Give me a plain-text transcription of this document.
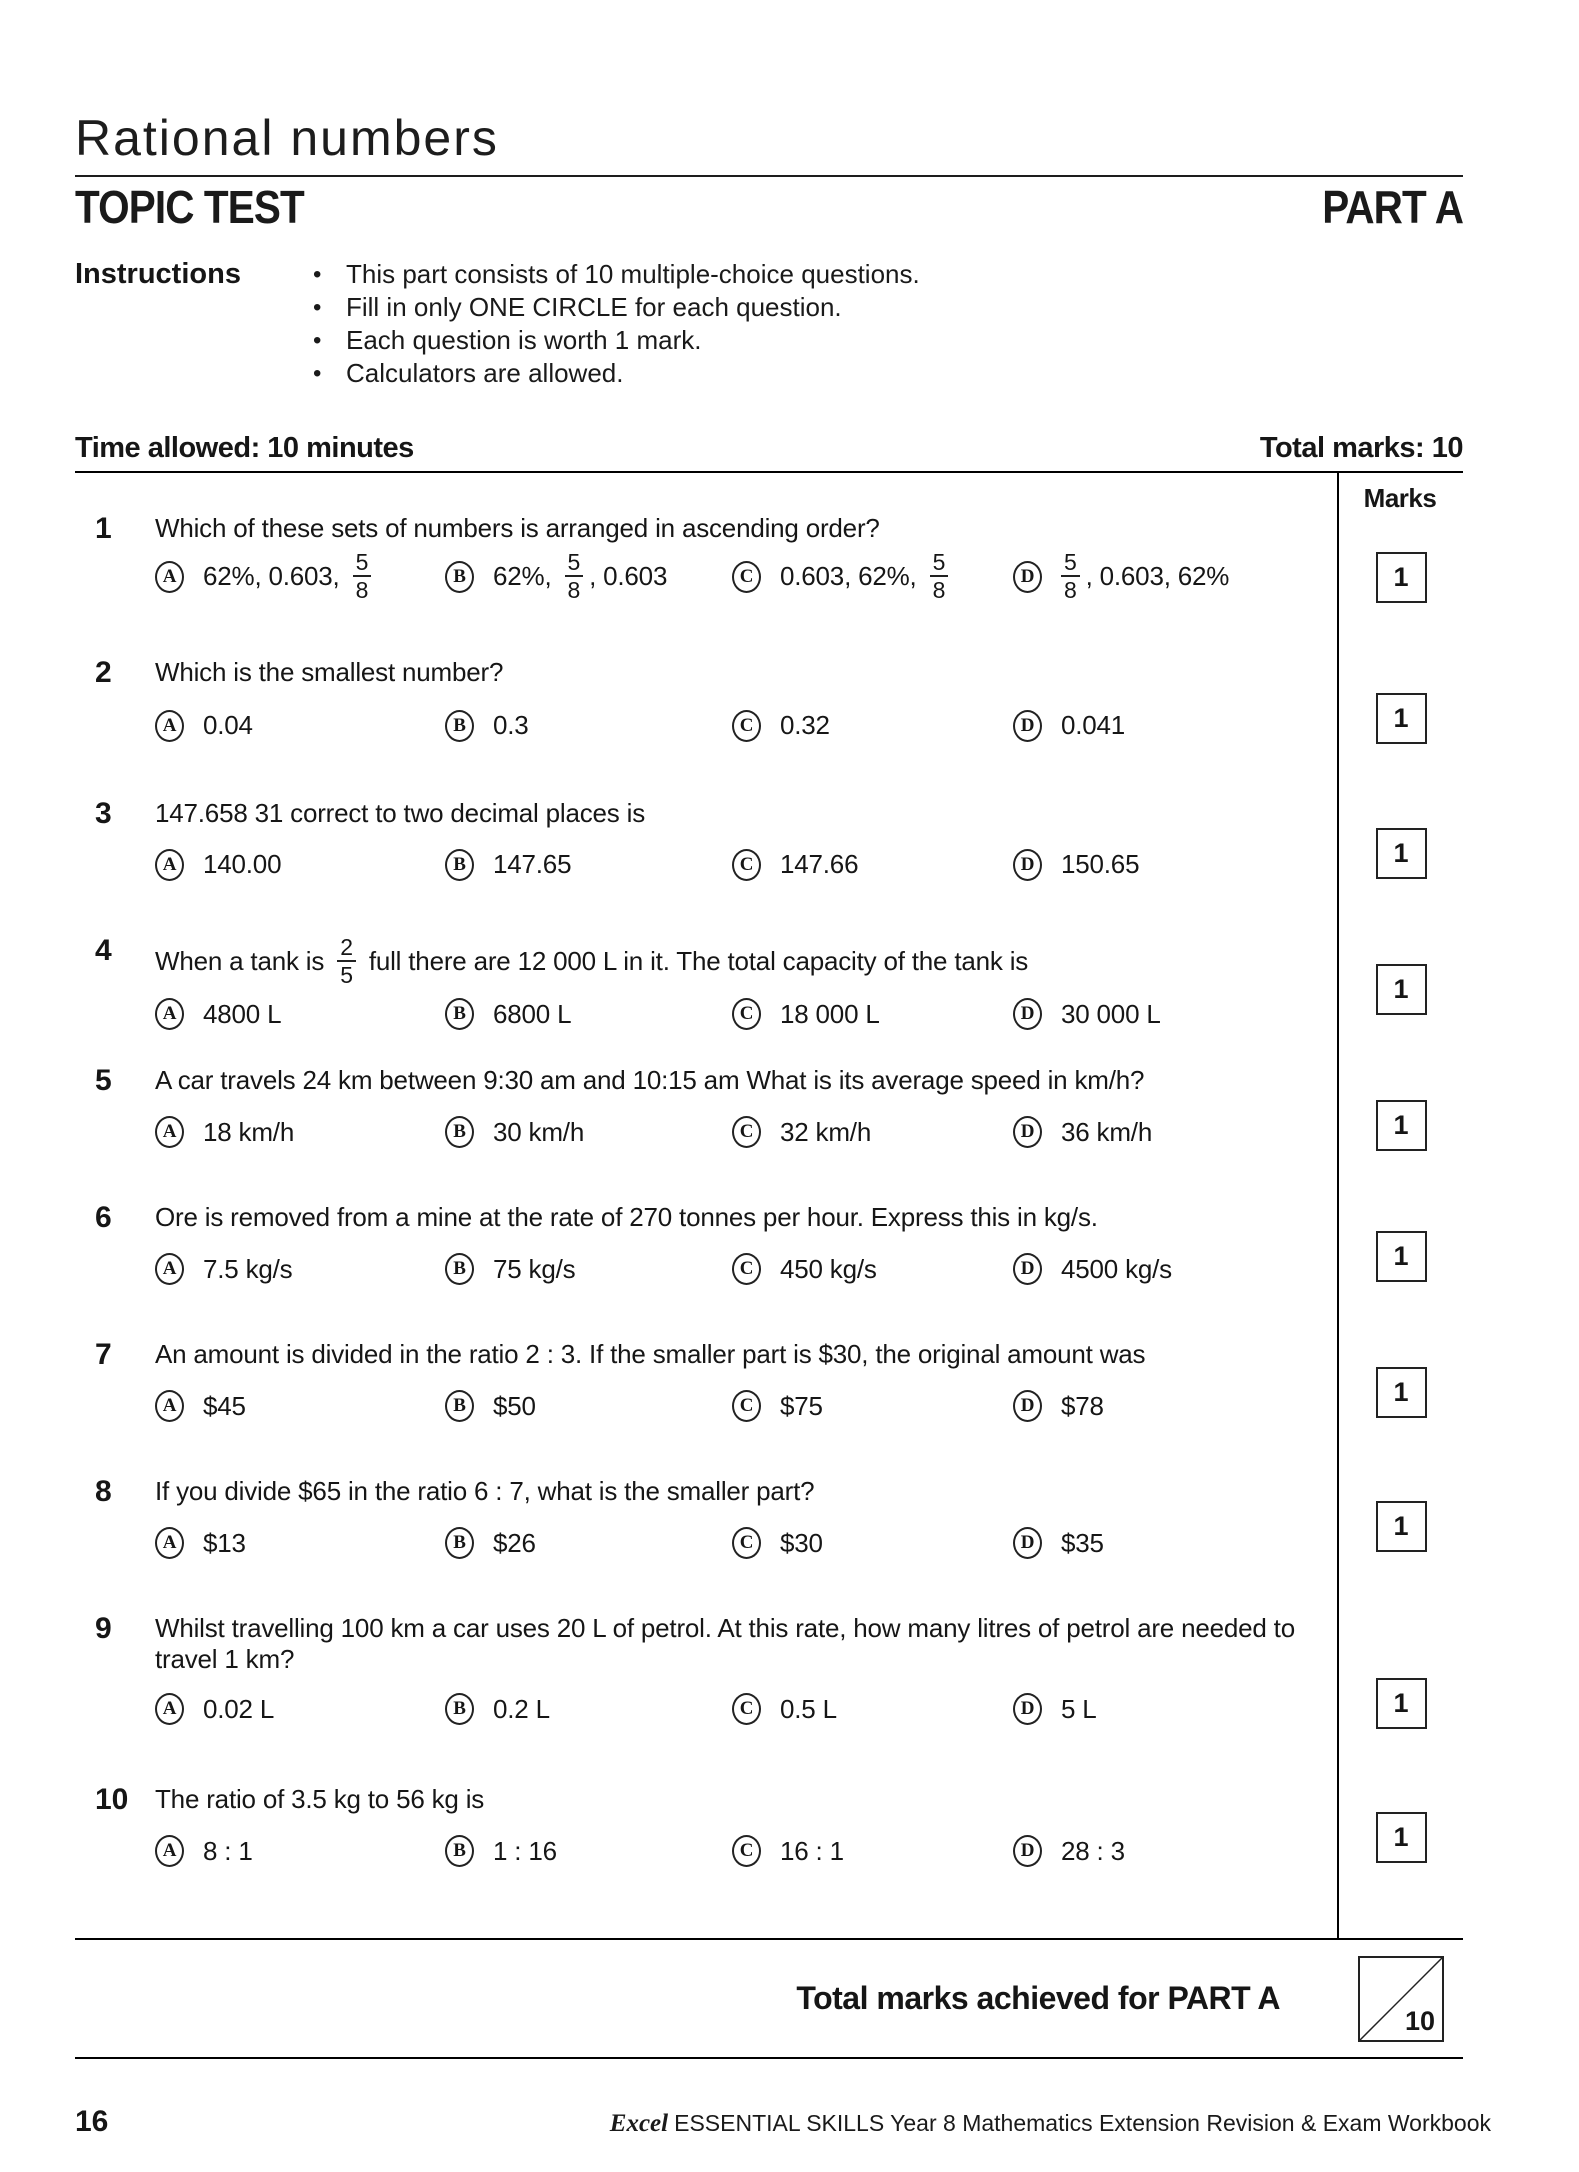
Rational numbers
TOPIC TEST	PART A
Instructions	• This part consists of 10 multiple-choice questions.
• Fill in only ONE CIRCLE for each question.
• Each question is worth 1 mark.
• Calculators are allowed.
Time allowed: 10 minutes	Total marks: 10
Marks
1	Which of these sets of numbers is arranged in ascending order?
A 62%, 0.603, $\frac{5}{8}$	B	62%, $\frac{5}{8}$ , 0.603	C 0.603, 62%, $\frac{5}{8}$	D	$\frac{5}{8}$ , 0.603, 62%	1
2	Which is the smallest number?
A 0.04	B	0.3	C 0.32	D 0.041	1
3	147.658 31 correct to two decimal places is
A 140.00	B	147.65	C 147.66	D 150.65	1
4	When a tank is $\frac{2}{5}$ full there are 12 000 L in it. The total capacity of the tank is
A 4800 L	B	6800 L	C 18 000 L	D 30 000 L
1
5	A car travels 24 km between 9:30 am and 10:15 am What is its average speed in km/h?
A 18 km/h	B	30 km/h	C 32 km/h	D 36 km/h	1
6	Ore is removed from a mine at the rate of 270 tonnes per hour. Express this in kg/s.
A 7.5 kg/s	B	75 kg/s	C 450 kg/s	D 4500 kg/s	1
7	An amount is divided in the ratio 2 : 3. If the smaller part is $30, the original amount was
A $45	B	$50	C $75	D $78	1
8	If you divide $65 in the ratio 6 : 7, what is the smaller part?
A $13	B	$26	C $30	D $35
1
9	Whilst travelling 100 km a car uses 20 L of petrol. At this rate, how many litres of petrol are needed to travel 1 km?
A 0.02 L	B	0.2 L	C 0.5 L	D 5 L	1
10	The ratio of 3.5 kg to 56 kg is
A 8 : 1	B	1 : 16	C 16 : 1	D 28 : 3	1
Total marks achieved for PART A
10
16	Excel ESSENTIAL SKILLS Year 8 Mathematics Extension Revision & Exam Workbook
